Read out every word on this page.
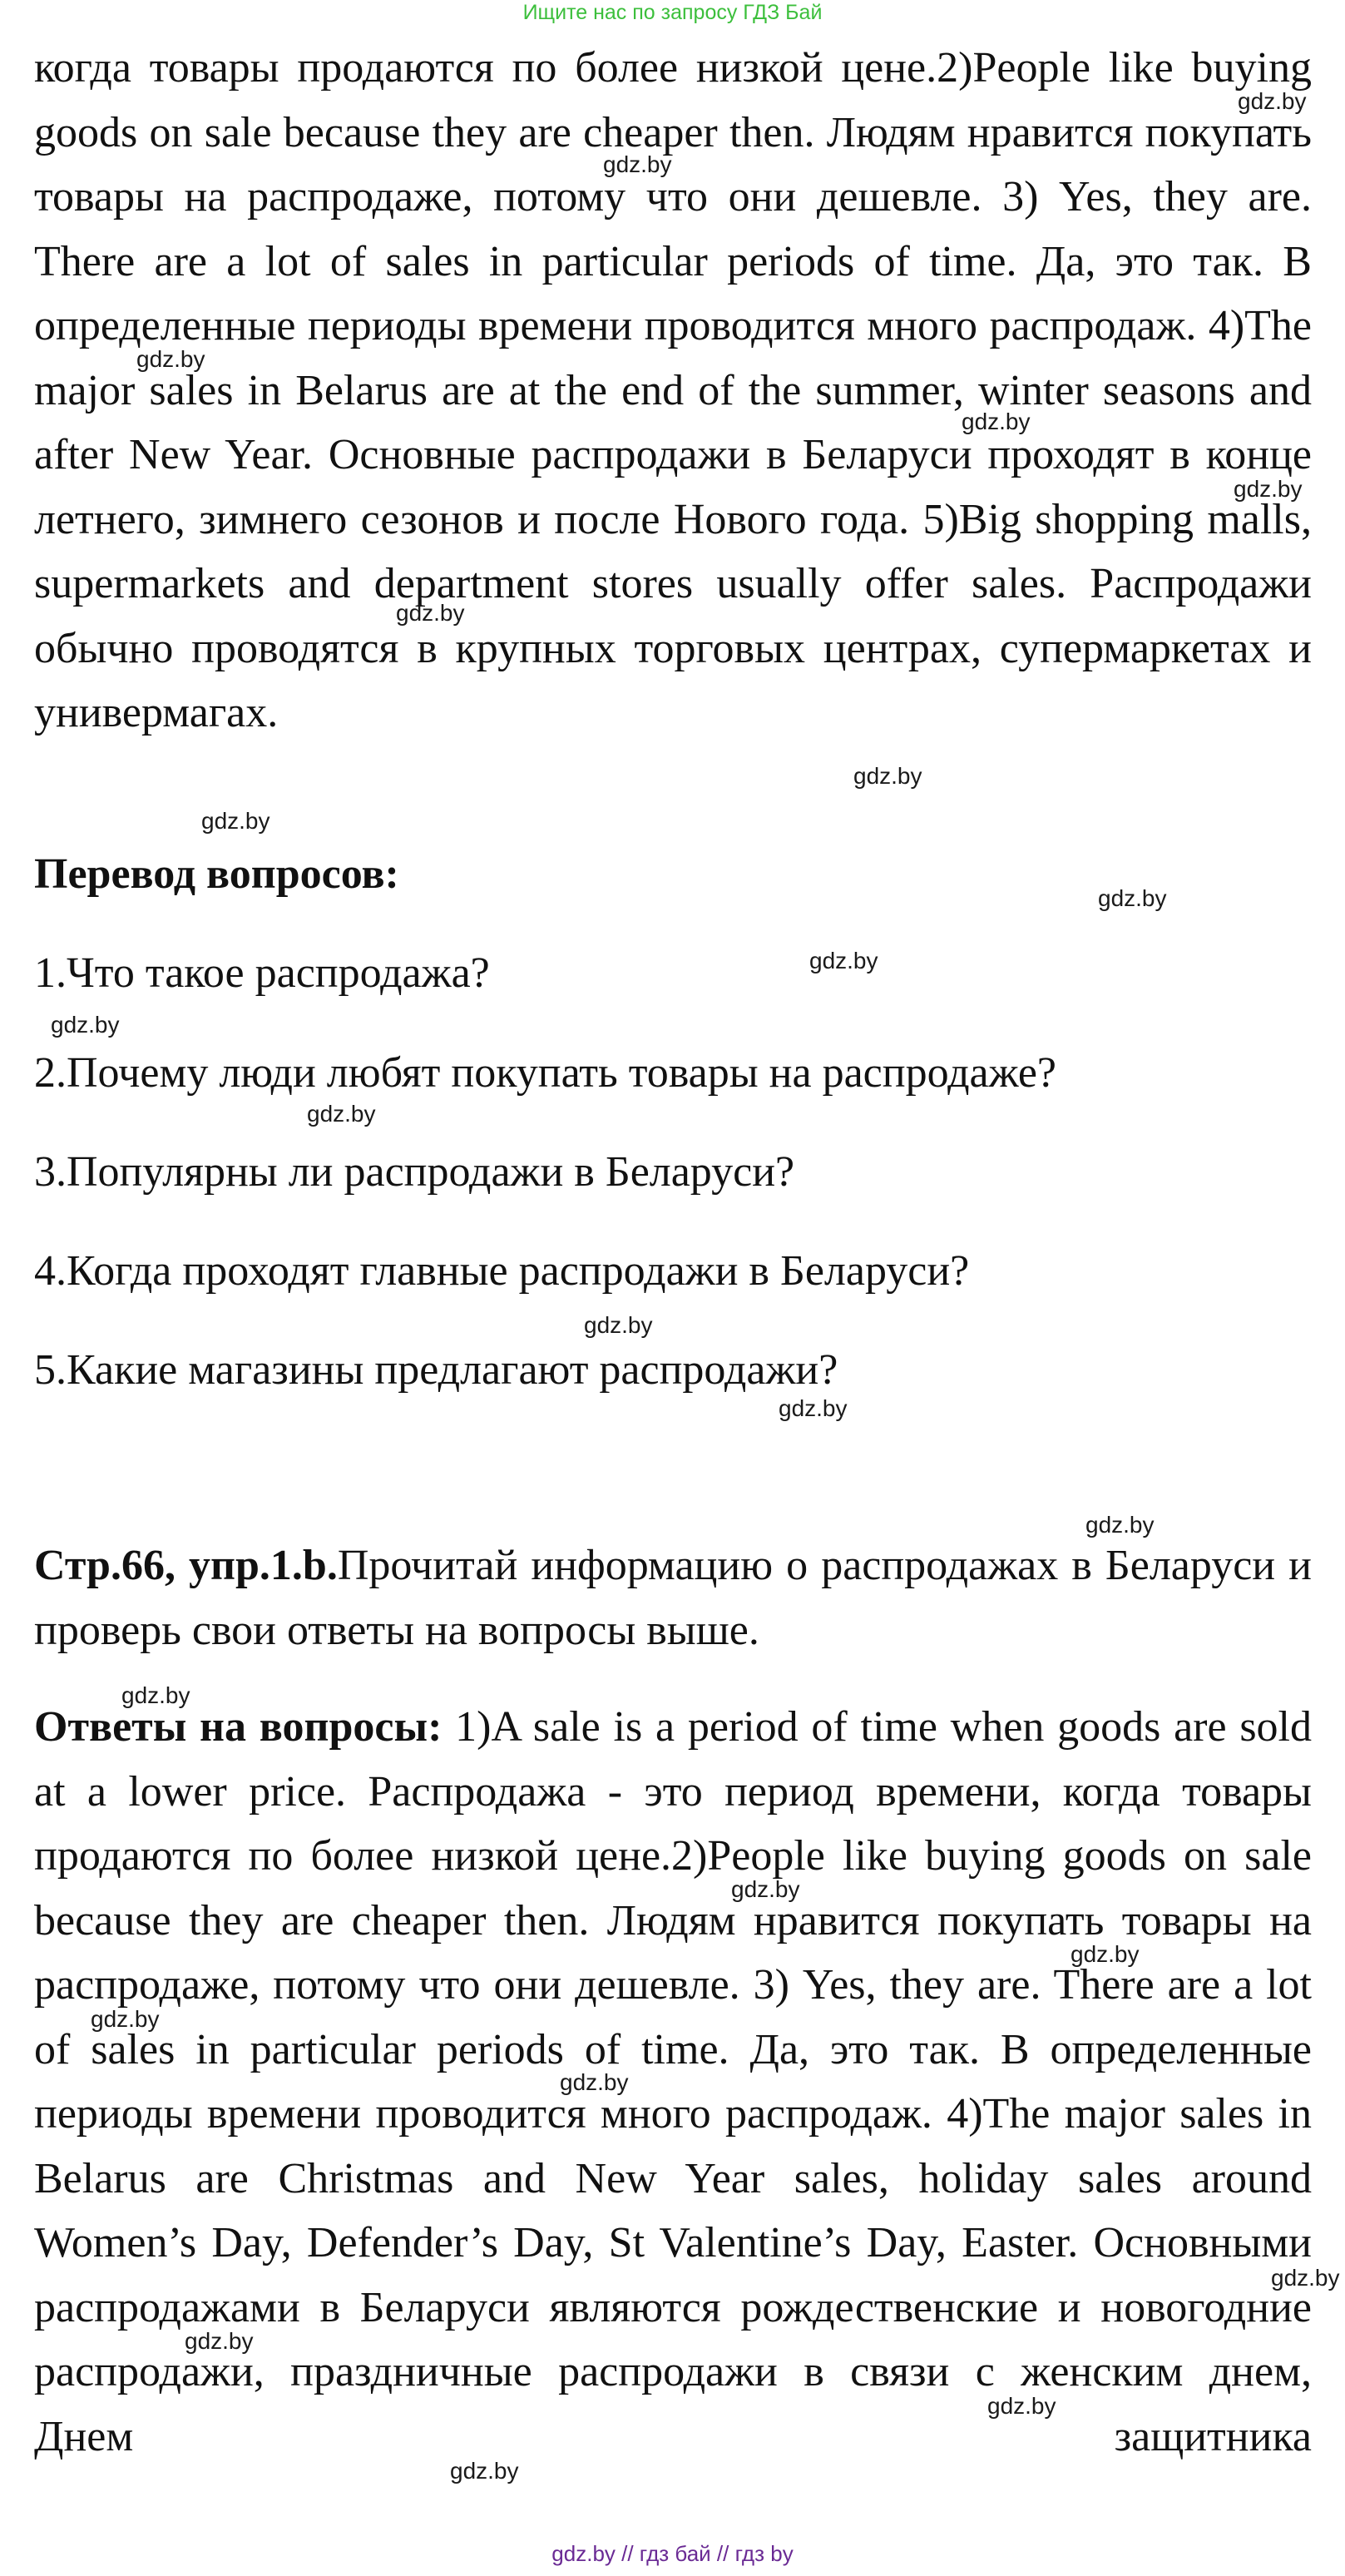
Ищите нас по запросу ГДЗ Бай
когда товары продаются по более низкой цене.2)People like buying goods on sale because they are cheaper then. Людям нравится покупать товары на распродаже, потому что они дешевле. 3) Yes, they are. There are a lot of sales in particular periods of time. Да, это так. В определенные периоды времени проводится много распродаж. 4)The major sales in Belarus are at the end of the summer, winter seasons and after New Year. Основные распродажи в Беларуси проходят в конце летнего, зимнего сезонов и после Нового года. 5)Big shopping malls, supermarkets and department stores usually offer sales. Распродажи обычно проводятся в крупных торговых центрах, супермаркетах и универмагах.
Перевод вопросов:
1.Что такое распродажа?
2.Почему люди любят покупать товары на распродаже?
3.Популярны ли распродажи в Беларуси?
4.Когда проходят главные распродажи в Беларуси?
5.Какие магазины предлагают распродажи?
Стр.66, упр.1.b.Прочитай информацию о распродажах в Беларуси и проверь свои ответы на вопросы выше.
Ответы на вопросы: 1)A sale is a period of time when goods are sold at a lower price. Распродажа - это период времени, когда товары продаются по более низкой цене.2)People like buying goods on sale because they are cheaper then. Людям нравится покупать товары на распродаже, потому что они дешевле. 3) Yes, they are. There are a lot of sales in particular periods of time. Да, это так. В определенные периоды времени проводится много распродаж. 4)The major sales in Belarus are Christmas and New Year sales, holiday sales around Women’s Day, Defender’s Day, St Valentine’s Day, Easter. Основными распродажами в Беларуси являются рождественские и новогодние распродажи, праздничные распродажи в связи с женским днем, Днем защитника
gdz.by
gdz.by
gdz.by
gdz.by
gdz.by
gdz.by
gdz.by
gdz.by
gdz.by
gdz.by
gdz.by
gdz.by
gdz.by
gdz.by
gdz.by
gdz.by
gdz.by
gdz.by
gdz.by
gdz.by
gdz.by
gdz.by
gdz.by
gdz.by
gdz.by // гдз бай // гдз by
